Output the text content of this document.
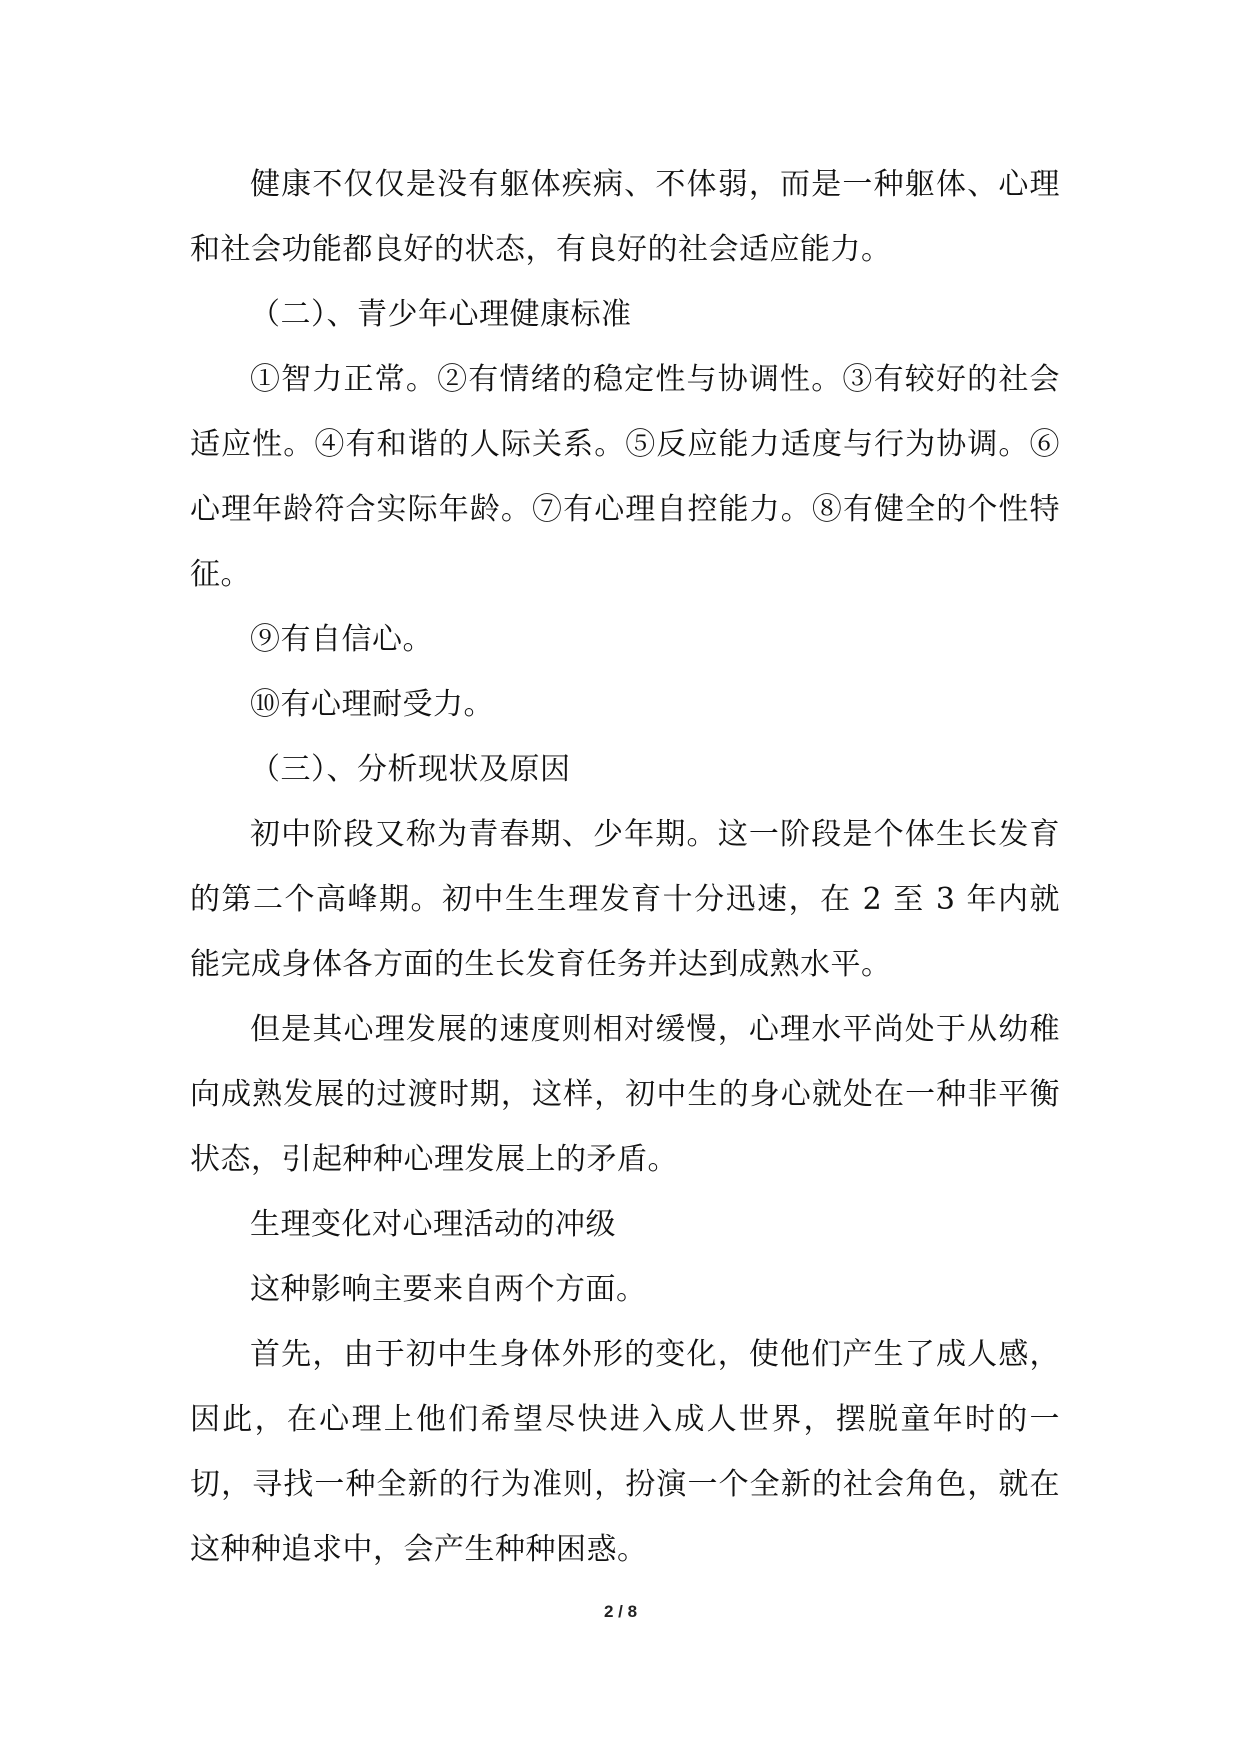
健康不仅仅是没有躯体疾病、不体弱，而是一种躯体、心理和社会功能都良好的状态，有良好的社会适应能力。

（二）、青少年心理健康标准

①智力正常。②有情绪的稳定性与协调性。③有较好的社会适应性。④有和谐的人际关系。⑤反应能力适度与行为协调。⑥心理年龄符合实际年龄。⑦有心理自控能力。⑧有健全的个性特征。

⑨有自信心。

⑩有心理耐受力。

（三）、分析现状及原因

初中阶段又称为青春期、少年期。这一阶段是个体生长发育的第二个高峰期。初中生生理发育十分迅速，在 2 至 3 年内就能完成身体各方面的生长发育任务并达到成熟水平。

但是其心理发展的速度则相对缓慢，心理水平尚处于从幼稚向成熟发展的过渡时期，这样，初中生的身心就处在一种非平衡状态，引起种种心理发展上的矛盾。

生理变化对心理活动的冲级

这种影响主要来自两个方面。

首先，由于初中生身体外形的变化，使他们产生了成人感，因此，在心理上他们希望尽快进入成人世界，摆脱童年时的一切，寻找一种全新的行为准则，扮演一个全新的社会角色，就在这种种追求中，会产生种种困惑。

2 / 8
